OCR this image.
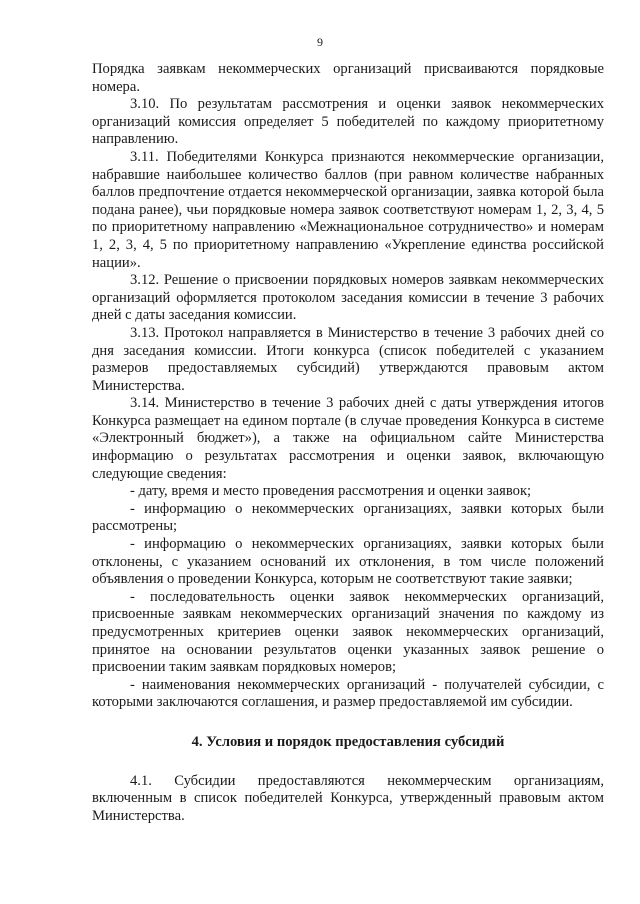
9

Порядка заявкам некоммерческих организаций присваиваются порядковые номера.

3.10. По результатам рассмотрения и оценки заявок некоммерческих организаций комиссия определяет 5 победителей по каждому приоритетному направлению.

3.11. Победителями Конкурса признаются некоммерческие организации, набравшие наибольшее количество баллов (при равном количестве набранных баллов предпочтение отдается некоммерческой организации, заявка которой была подана ранее), чьи порядковые номера заявок соответствуют номерам 1, 2, 3, 4, 5 по приоритетному направлению «Межнациональное сотрудничество» и номерам 1, 2, 3, 4, 5 по приоритетному направлению «Укрепление единства российской нации».

3.12. Решение о присвоении порядковых номеров заявкам некоммерческих организаций оформляется протоколом заседания комиссии в течение 3 рабочих дней с даты заседания комиссии.

3.13. Протокол направляется в Министерство в течение 3 рабочих дней со дня заседания комиссии. Итоги конкурса (список победителей с указанием размеров предоставляемых субсидий) утверждаются правовым актом Министерства.

3.14. Министерство в течение 3 рабочих дней с даты утверждения итогов Конкурса размещает на едином портале (в случае проведения Конкурса в системе «Электронный бюджет»), а также на официальном сайте Министерства информацию о результатах рассмотрения и оценки заявок, включающую следующие сведения:

- дату, время и место проведения рассмотрения и оценки заявок;

- информацию о некоммерческих организациях, заявки которых были рассмотрены;

- информацию о некоммерческих организациях, заявки которых были отклонены, с указанием оснований их отклонения, в том числе положений объявления о проведении Конкурса, которым не соответствуют такие заявки;

- последовательность оценки заявок некоммерческих организаций, присвоенные заявкам некоммерческих организаций значения по каждому из предусмотренных критериев оценки заявок некоммерческих организаций, принятое на основании результатов оценки указанных заявок решение о присвоении таким заявкам порядковых номеров;

- наименования некоммерческих организаций - получателей субсидии, с которыми заключаются соглашения, и размер предоставляемой им субсидии.

4. Условия и порядок предоставления субсидий

4.1. Субсидии предоставляются некоммерческим организациям, включенным в список победителей Конкурса, утвержденный правовым актом Министерства.
